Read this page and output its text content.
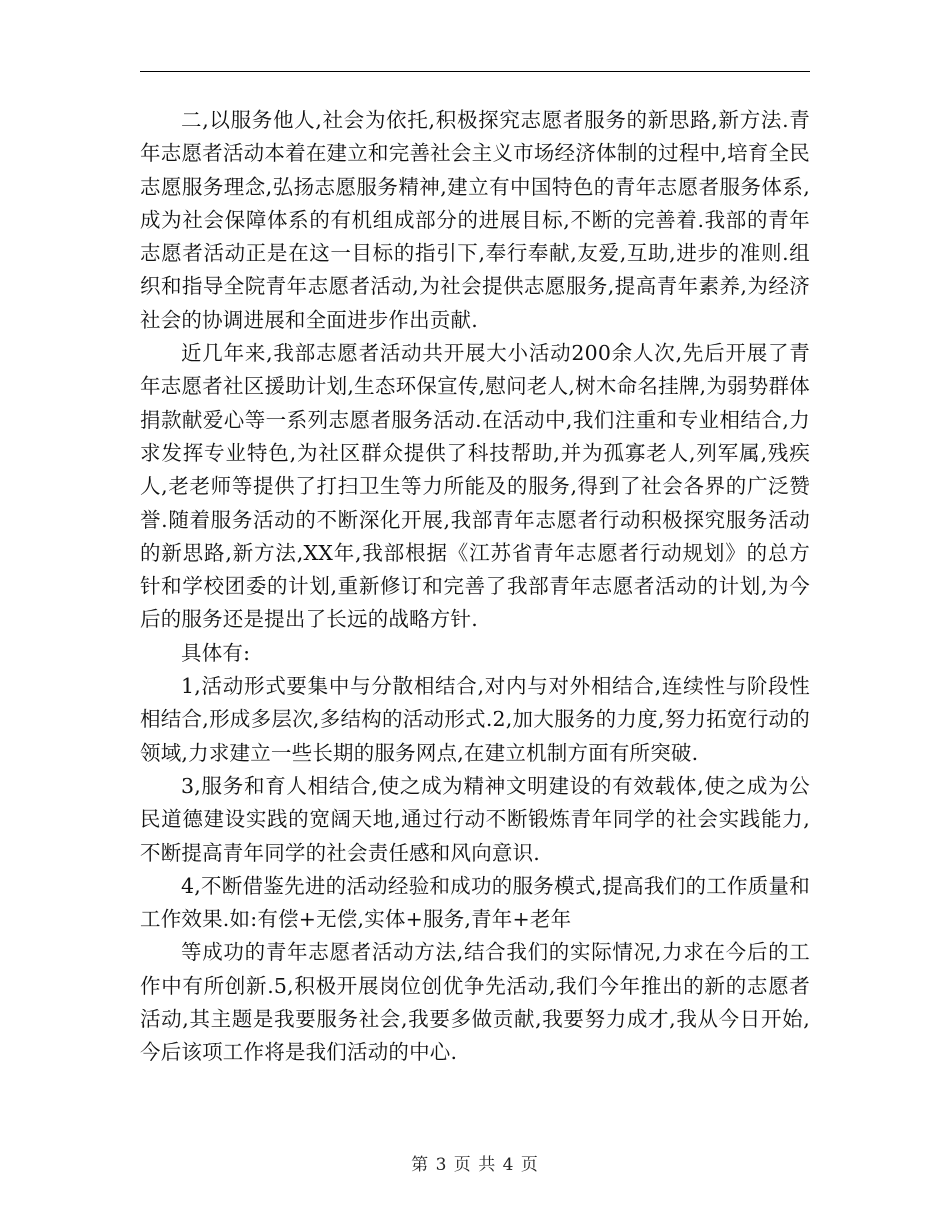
二,以服务他人,社会为依托,积极探究志愿者服务的新思路,新方法.青年志愿者活动本着在建立和完善社会主义市场经济体制的过程中,培育全民志愿服务理念,弘扬志愿服务精神,建立有中国特色的青年志愿者服务体系,成为社会保障体系的有机组成部分的进展目标,不断的完善着.我部的青年志愿者活动正是在这一目标的指引下,奉行奉献,友爱,互助,进步的准则.组织和指导全院青年志愿者活动,为社会提供志愿服务,提高青年素养,为经济社会的协调进展和全面进步作出贡献.

近几年来,我部志愿者活动共开展大小活动200余人次,先后开展了青年志愿者社区援助计划,生态环保宣传,慰问老人,树木命名挂牌,为弱势群体捐款献爱心等一系列志愿者服务活动.在活动中,我们注重和专业相结合,力求发挥专业特色,为社区群众提供了科技帮助,并为孤寡老人,列军属,残疾人,老老师等提供了打扫卫生等力所能及的服务,得到了社会各界的广泛赞誉.随着服务活动的不断深化开展,我部青年志愿者行动积极探究服务活动的新思路,新方法,XX年,我部根据《江苏省青年志愿者行动规划》的总方针和学校团委的计划,重新修订和完善了我部青年志愿者活动的计划,为今后的服务还是提出了长远的战略方针.

具体有:

1,活动形式要集中与分散相结合,对内与对外相结合,连续性与阶段性相结合,形成多层次,多结构的活动形式.2,加大服务的力度,努力拓宽行动的领域,力求建立一些长期的服务网点,在建立机制方面有所突破.

3,服务和育人相结合,使之成为精神文明建设的有效载体,使之成为公民道德建设实践的宽阔天地,通过行动不断锻炼青年同学的社会实践能力,不断提高青年同学的社会责任感和风向意识.

4,不断借鉴先进的活动经验和成功的服务模式,提高我们的工作质量和工作效果.如:有偿+无偿,实体+服务,青年+老年

等成功的青年志愿者活动方法,结合我们的实际情况,力求在今后的工作中有所创新.5,积极开展岗位创优争先活动,我们今年推出的新的志愿者活动,其主题是我要服务社会,我要多做贡献,我要努力成才,我从今日开始,今后该项工作将是我们活动的中心.

第 3 页 共 4 页
